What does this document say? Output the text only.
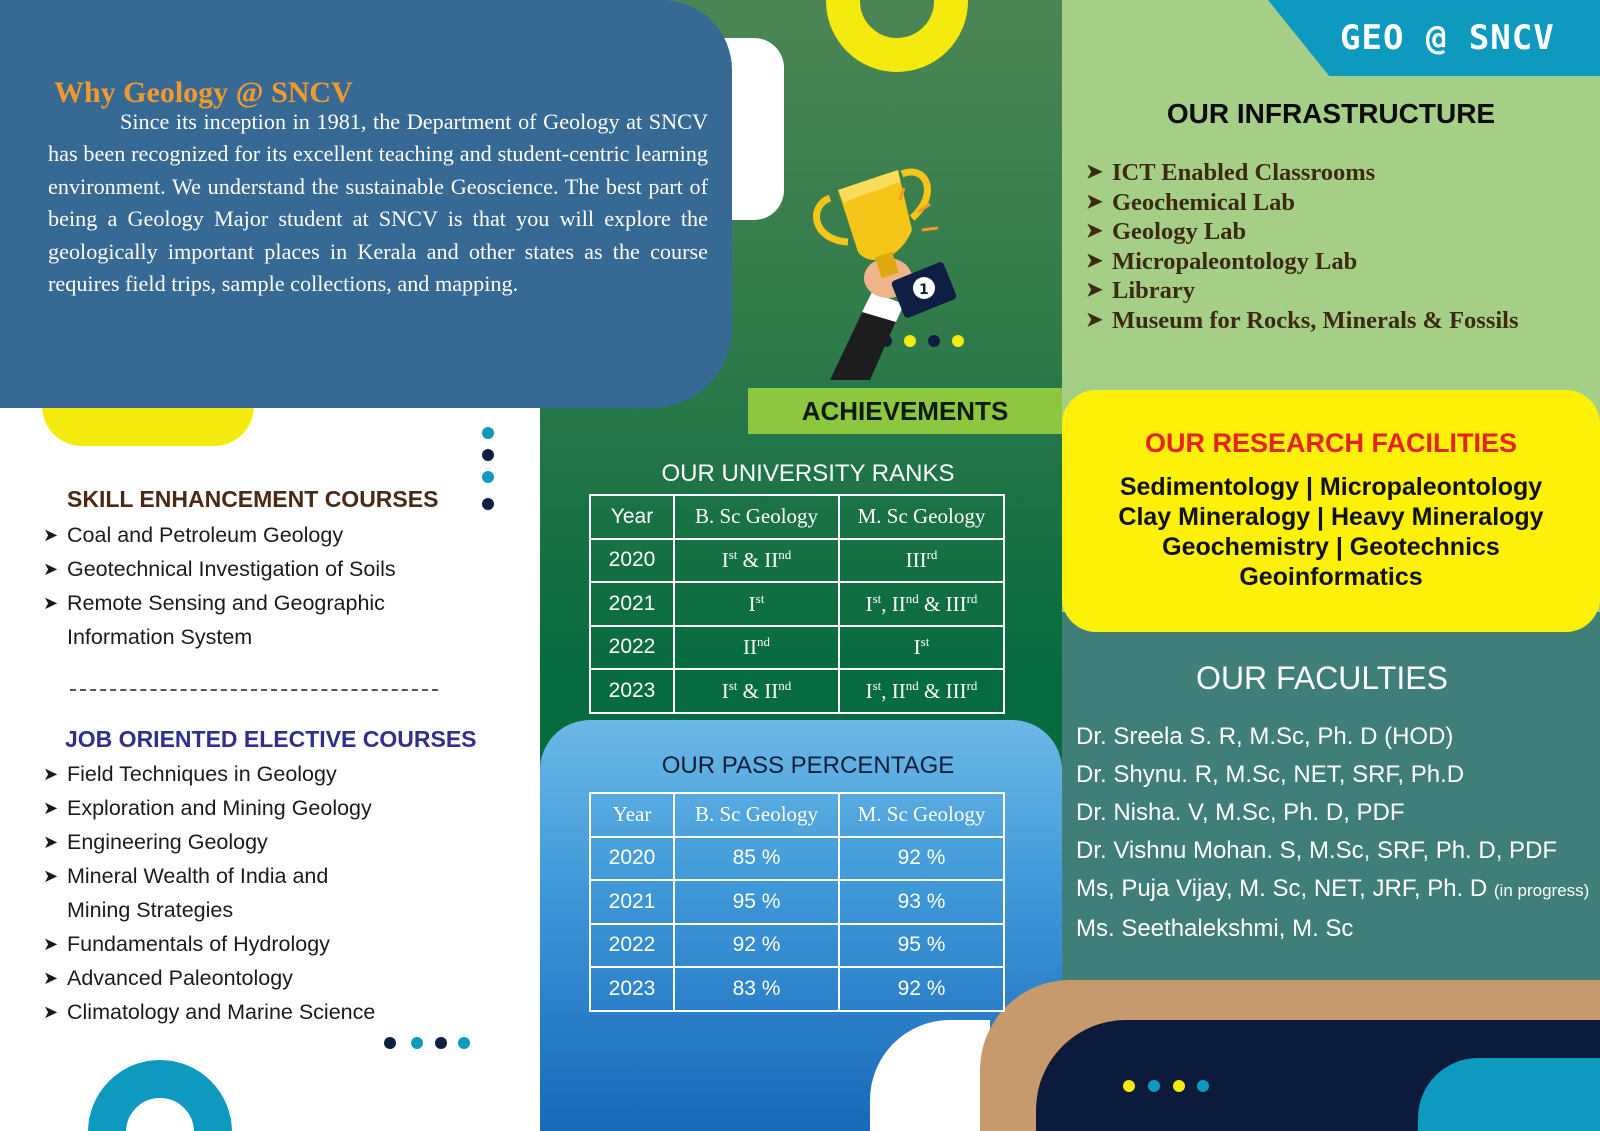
Why Geology @ SNCV

Since its inception in 1981, the Department of Geology at SNCV has been recognized for its excellent teaching and student-centric learning environment. We understand the sustainable Geoscience. The best part of being a Geology Major student at SNCV is that you will explore the geologically important places in Kerala and other states as the course requires field trips, sample collections, and mapping.

SKILL ENHANCEMENT COURSES
➤ Coal and Petroleum Geology
➤ Geotechnical Investigation of Soils
➤ Remote Sensing and Geographic Information System
JOB ORIENTED ELECTIVE COURSES
➤ Field Techniques in Geology
➤ Exploration and Mining Geology
➤ Engineering Geology
➤ Mineral Wealth of India and Mining Strategies
➤ Fundamentals of Hydrology
➤ Advanced Paleontology
➤ Climatology and Marine Science
1
ACHIEVEMENTS
OUR UNIVERSITY RANKS
Year	B. Sc Geology	M. Sc Geology
2020	Ist & IInd	IIIrd
2021	Ist	Ist, IInd & IIIrd
2022	IInd	Ist
2023	Ist & IInd	Ist, IInd & IIIrd
OUR PASS PERCENTAGE
Year	B. Sc Geology	M. Sc Geology
2020	85 %	92 %
2021	95 %	93 %
2022	92 %	95 %
2023	83 %	92 %
GEO @ SNCV
OUR INFRASTRUCTURE
➤ ICT Enabled Classrooms
➤ Geochemical Lab
➤ Geology Lab
➤ Micropaleontology Lab
➤ Library
➤ Museum for Rocks, Minerals & Fossils
OUR RESEARCH FACILITIES
Sedimentology | Micropaleontology
Clay Mineralogy | Heavy Mineralogy
Geochemistry | Geotechnics
Geoinformatics
OUR FACULTIES
Dr. Sreela S. R, M.Sc, Ph. D (HOD)
Dr. Shynu. R, M.Sc, NET, SRF, Ph.D
Dr. Nisha. V, M.Sc, Ph. D, PDF
Dr. Vishnu Mohan. S, M.Sc, SRF, Ph. D, PDF
Ms, Puja Vijay, M. Sc, NET, JRF, Ph. D (in progress)
Ms. Seethalekshmi, M. Sc
